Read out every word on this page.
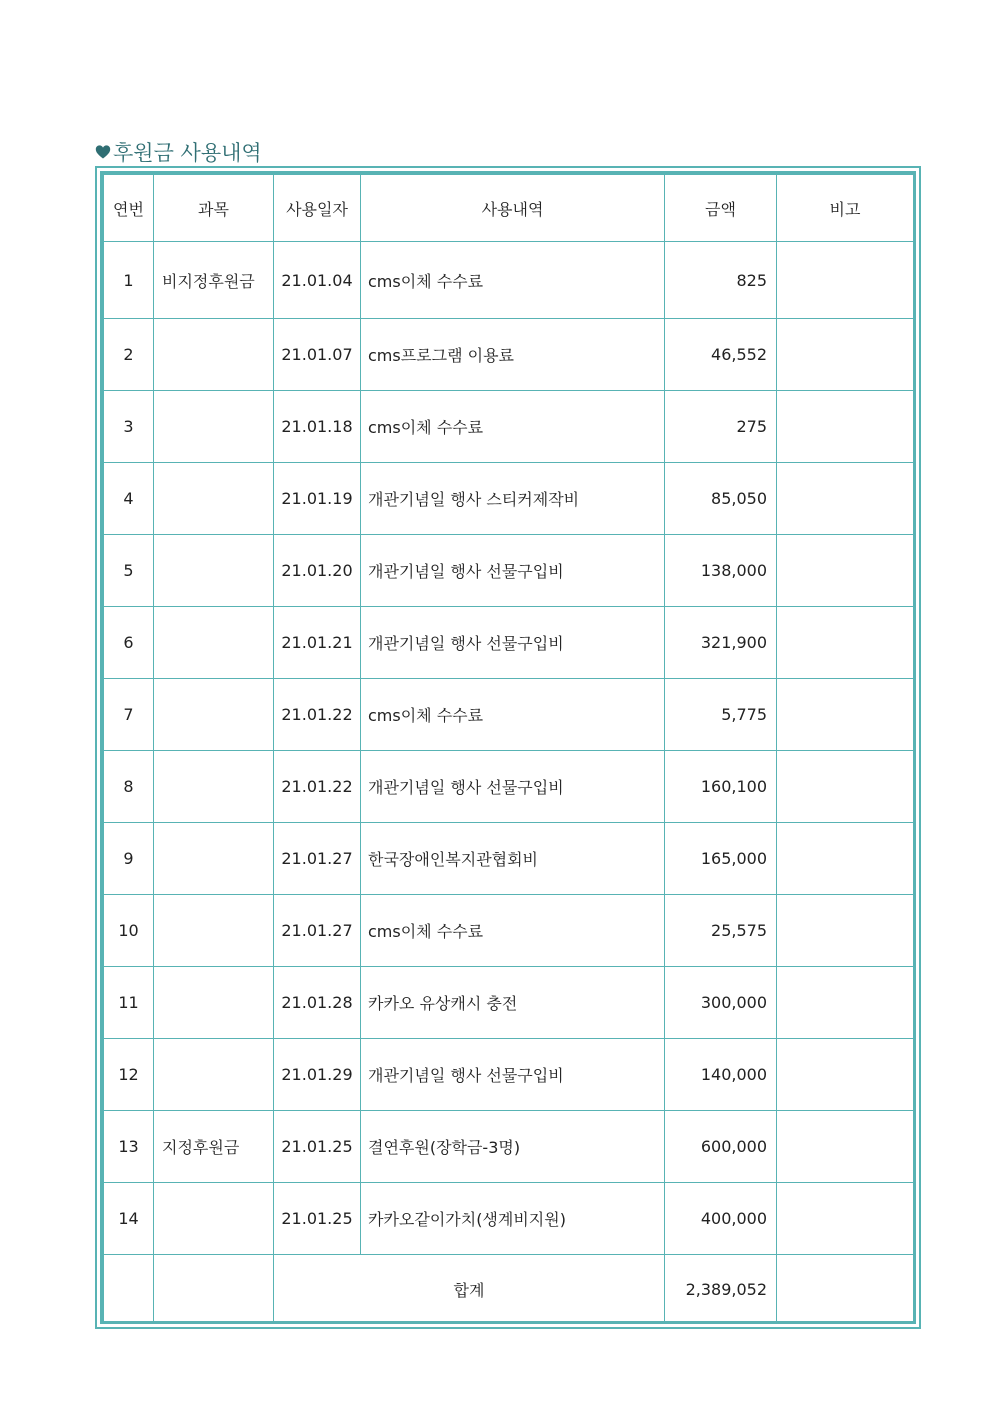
후원금 사용내역
연번	과목	사용일자	사용내역	금액	비고
1	비지정후원금	21.01.04	cms이체 수수료	825	
2		21.01.07	cms프로그램 이용료	46,552	
3		21.01.18	cms이체 수수료	275	
4		21.01.19	개관기념일 행사 스티커제작비	85,050	
5		21.01.20	개관기념일 행사 선물구입비	138,000	
6		21.01.21	개관기념일 행사 선물구입비	321,900	
7		21.01.22	cms이체 수수료	5,775	
8		21.01.22	개관기념일 행사 선물구입비	160,100	
9		21.01.27	한국장애인복지관협회비	165,000	
10		21.01.27	cms이체 수수료	25,575	
11		21.01.28	카카오 유상캐시 충전	300,000	
12		21.01.29	개관기념일 행사 선물구입비	140,000	
13	지정후원금	21.01.25	결연후원(장학금-3명)	600,000	
14		21.01.25	카카오같이가치(생계비지원)	400,000	
		합계		2,389,052	
